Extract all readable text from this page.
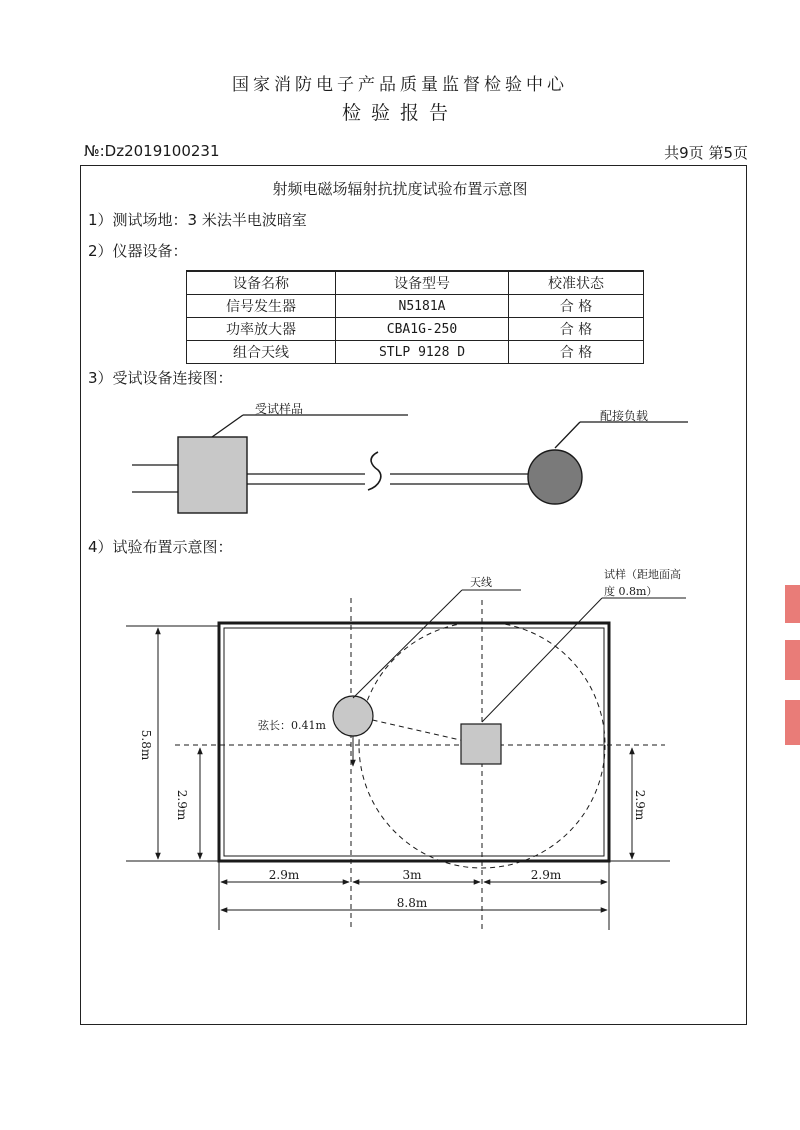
国家消防电子产品质量监督检验中心
检验报告
№:Dz2019100231	共9页 第5页
射频电磁场辐射抗扰度试验布置示意图
1）测试场地：3 米法半电波暗室
2）仪器设备：
设备名称	设备型号	校准状态
信号发生器	N5181A	合 格
功率放大器	CBA1G-250	合 格
组合天线	STLP 9128 D	合 格
3）受试设备连接图：
受试样品	配接负载
4）试验布置示意图：
天线
试样（距地面高
度 0.8m）
弦长：0.41m
5.8m
2.9m	2.9m
2.9m	3m	2.9m
8.8m
